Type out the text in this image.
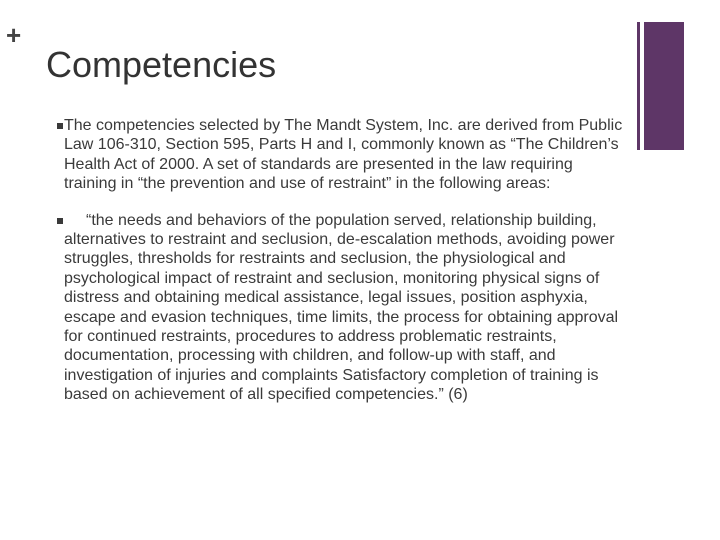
+
Competencies

The competencies selected by The Mandt System, Inc. are derived from Public Law 106-310, Section 595, Parts H and I, commonly known as “The Children’s Health Act of 2000. A set of standards are presented in the law requiring training in “the prevention and use of restraint” in the following areas:

“the needs and behaviors of the population served, relationship building, alternatives to restraint and seclusion, de-escalation methods, avoiding power struggles, thresholds for restraints and seclusion, the physiological and psychological impact of restraint and seclusion, monitoring physical signs of distress and obtaining medical assistance, legal issues, position asphyxia, escape and evasion techniques, time limits, the process for obtaining approval for continued restraints, procedures to address problematic restraints, documentation, processing with children, and follow-up with staff, and investigation of injuries and complaints Satisfactory completion of training is based on achievement of all specified competencies.” (6)
